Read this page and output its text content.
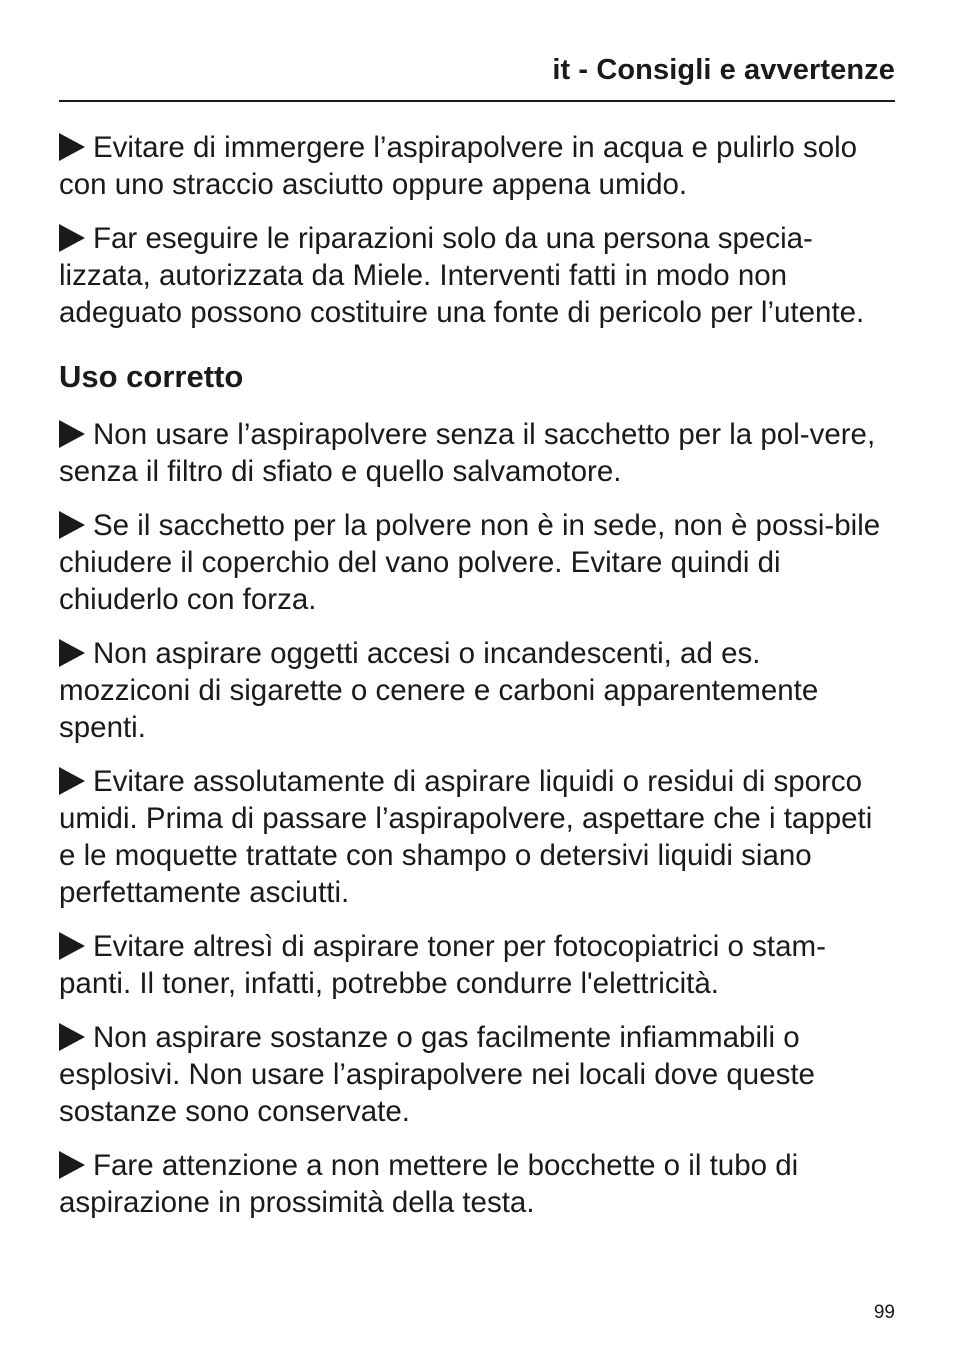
it - Consigli e avvertenze

Evitare di immergere l’aspirapolvere in acqua e pulirlo solo con uno straccio asciutto oppure appena umido.

Far eseguire le riparazioni solo da una persona specia-lizzata, autorizzata da Miele. Interventi fatti in modo non adeguato possono costituire una fonte di pericolo per l’utente.

Uso corretto

Non usare l’aspirapolvere senza il sacchetto per la pol-vere, senza il filtro di sfiato e quello salvamotore.

Se il sacchetto per la polvere non è in sede, non è possi-bile chiudere il coperchio del vano polvere. Evitare quindi di chiuderlo con forza.

Non aspirare oggetti accesi o incandescenti, ad es. mozziconi di sigarette o cenere e carboni apparentemente spenti.

Evitare assolutamente di aspirare liquidi o residui di sporco umidi. Prima di passare l’aspirapolvere, aspettare che i tappeti e le moquette trattate con shampo o detersivi liquidi siano perfettamente asciutti.

Evitare altresì di aspirare toner per fotocopiatrici o stam-panti. Il toner, infatti, potrebbe condurre l'elettricità.

Non aspirare sostanze o gas facilmente infiammabili o esplosivi. Non usare l’aspirapolvere nei locali dove queste sostanze sono conservate.

Fare attenzione a non mettere le bocchette o il tubo di aspirazione in prossimità della testa.

99
